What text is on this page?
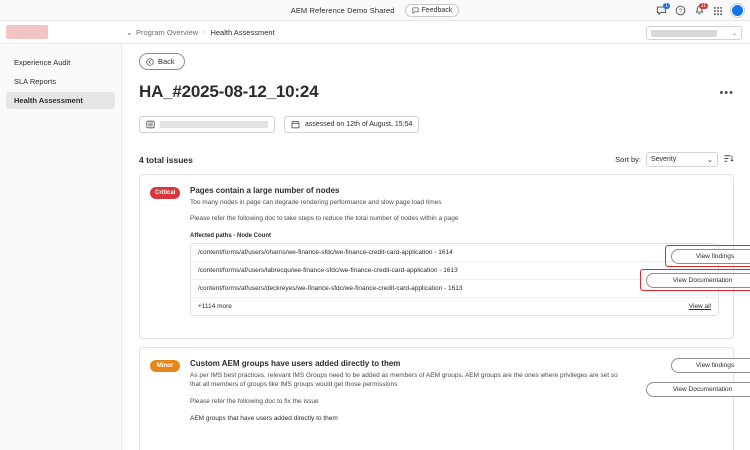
AEM Reference Demo Shared	Feedback
1
?
11
⌄ Program Overview › Health Assessment	⌄
Experience Audit
SLA Reports
Health Assessment
Back
HA_#2025-08-12_10:24	•••
assessed on 12th of August, 15:54
4 total issues	Sort by: Severity	⌄
Critical	Pages contain a large number of nodes
Too many nodes in page can degrade rendering performance and slow page load times
Please refer the following doc to take steps to reduce the total number of nodes within a page
Affected paths - Node Count
/content/forms/af/users/oharris/we-finance-sfdc/we-finance-credit-card-application - 1614
/content/forms/af/users/labrecqu/we-finance-sfdc/we-finance-credit-card-application - 1613
/content/forms/af/users/deckreyes/we-finance-sfdc/we-finance-credit-card-application - 1613
+1114 more	View all
View findings
View Documentation
Minor	Custom AEM groups have users added directly to them
As per IMS best practices, relevant IMS Groups need to be added as members of AEM groups. AEM groups are the ones where privileges are set so that all members of groups like IMS groups would get those permissions
Please refer the following doc to fix the issue
AEM groups that have users added directly to them
View findings
View Documentation
